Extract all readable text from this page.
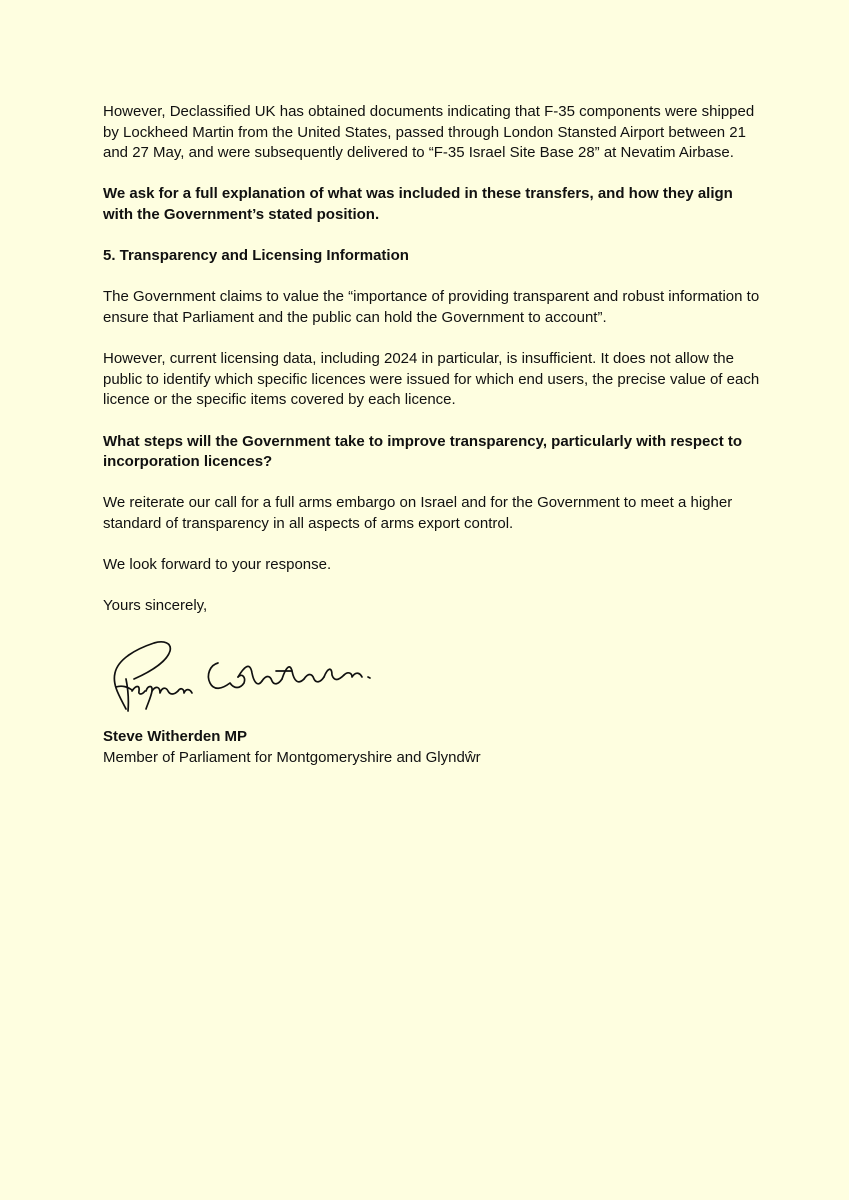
However, Declassified UK has obtained documents indicating that F-35 components were shipped by Lockheed Martin from the United States, passed through London Stansted Airport between 21 and 27 May, and were subsequently delivered to “F-35 Israel Site Base 28” at Nevatim Airbase.

We ask for a full explanation of what was included in these transfers, and how they align with the Government’s stated position.

5. Transparency and Licensing Information

The Government claims to value the “importance of providing transparent and robust information to ensure that Parliament and the public can hold the Government to account”.

However, current licensing data, including 2024 in particular, is insufficient. It does not allow the public to identify which specific licences were issued for which end users, the precise value of each licence or the specific items covered by each licence.

What steps will the Government take to improve transparency, particularly with respect to incorporation licences?

We reiterate our call for a full arms embargo on Israel and for the Government to meet a higher standard of transparency in all aspects of arms export control.

We look forward to your response.

Yours sincerely,

Steve Witherden MP
Member of Parliament for Montgomeryshire and Glyndŵr
